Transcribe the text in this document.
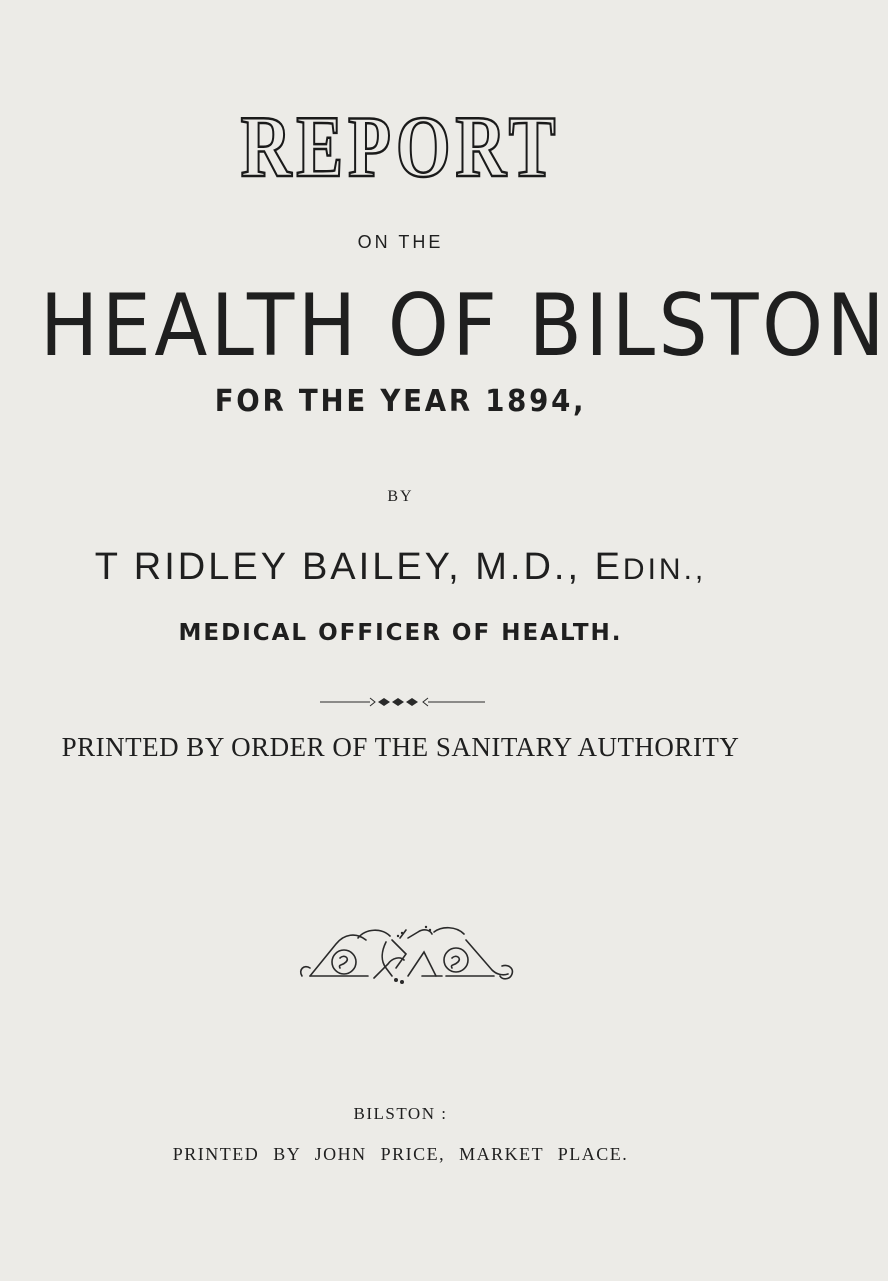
REPORT
ON THE
HEALTH OF BILSTON
FOR THE YEAR 1894,
BY
T RIDLEY BAILEY, M.D., EDIN.,
MEDICAL OFFICER OF HEALTH.
PRINTED BY ORDER OF THE SANITARY AUTHORITY
BILSTON :
PRINTED BY JOHN PRICE, MARKET PLACE.
